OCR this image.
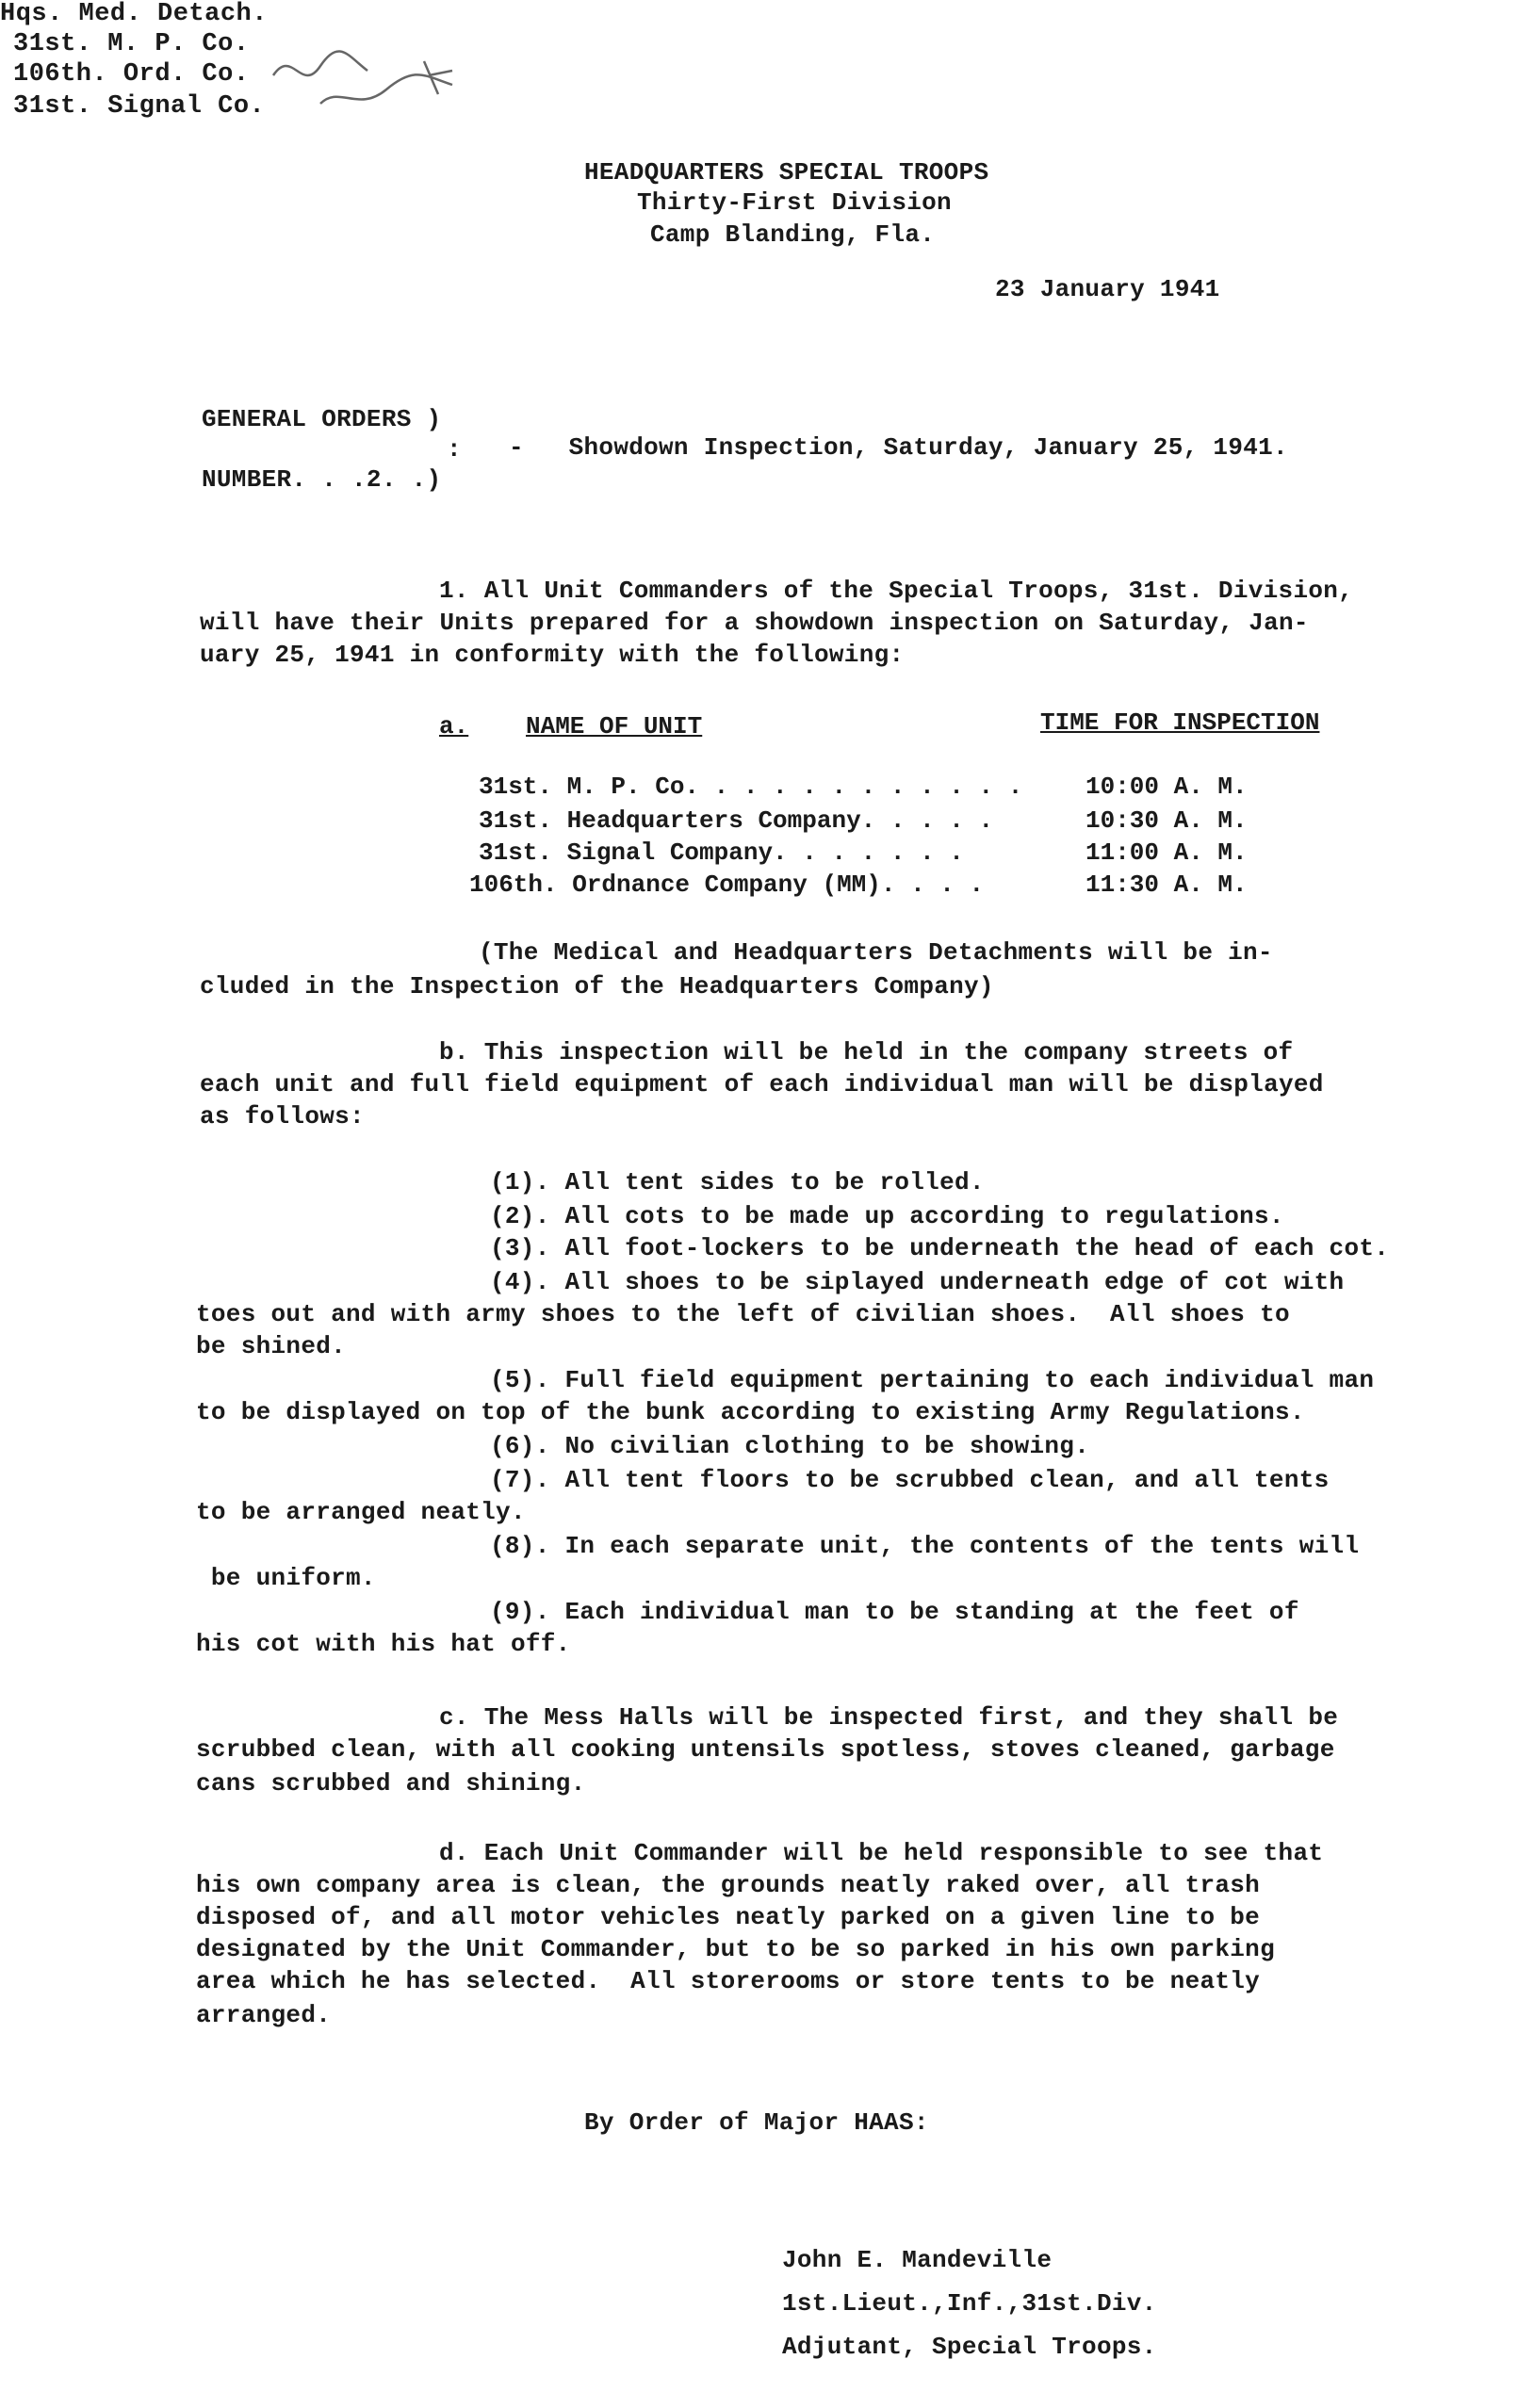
Hqs. Med. Detach.
31st. M. P. Co.
106th. Ord. Co.
31st. Signal Co.
HEADQUARTERS SPECIAL TROOPS
Thirty-First Division
Camp Blanding, Fla.
23 January 1941
GENERAL ORDERS )
:
NUMBER. . .2. .)
-   Showdown Inspection, Saturday, January 25, 1941.
1. All Unit Commanders of the Special Troops, 31st. Division,
will have their Units prepared for a showdown inspection on Saturday, Jan-
uary 25, 1941 in conformity with the following:
a. NAME OF UNIT	TIME FOR INSPECTION
31st. M. P. Co. . . . . . . . . . . .	10:00 A. M.
31st. Headquarters Company. . . . .	10:30 A. M.
31st. Signal Company. . . . . . .	11:00 A. M.
106th. Ordnance Company (MM). . . .	11:30 A. M.
(The Medical and Headquarters Detachments will be in-
cluded in the Inspection of the Headquarters Company)
b. This inspection will be held in the company streets of
each unit and full field equipment of each individual man will be displayed
as follows:
(1). All tent sides to be rolled.
(2). All cots to be made up according to regulations.
(3). All foot-lockers to be underneath the head of each cot.
(4). All shoes to be siplayed underneath edge of cot with
toes out and with army shoes to the left of civilian shoes.  All shoes to
be shined.
(5). Full field equipment pertaining to each individual man
to be displayed on top of the bunk according to existing Army Regulations.
(6). No civilian clothing to be showing.
(7). All tent floors to be scrubbed clean, and all tents
to be arranged neatly.
(8). In each separate unit, the contents of the tents will
be uniform.
(9). Each individual man to be standing at the feet of
his cot with his hat off.
c. The Mess Halls will be inspected first, and they shall be
scrubbed clean, with all cooking untensils spotless, stoves cleaned, garbage
cans scrubbed and shining.
d. Each Unit Commander will be held responsible to see that
his own company area is clean, the grounds neatly raked over, all trash
disposed of, and all motor vehicles neatly parked on a given line to be
designated by the Unit Commander, but to be so parked in his own parking
area which he has selected.  All storerooms or store tents to be neatly
arranged.
By Order of Major HAAS:
John E. Mandeville
1st.Lieut.,Inf.,31st.Div.
Adjutant, Special Troops.
